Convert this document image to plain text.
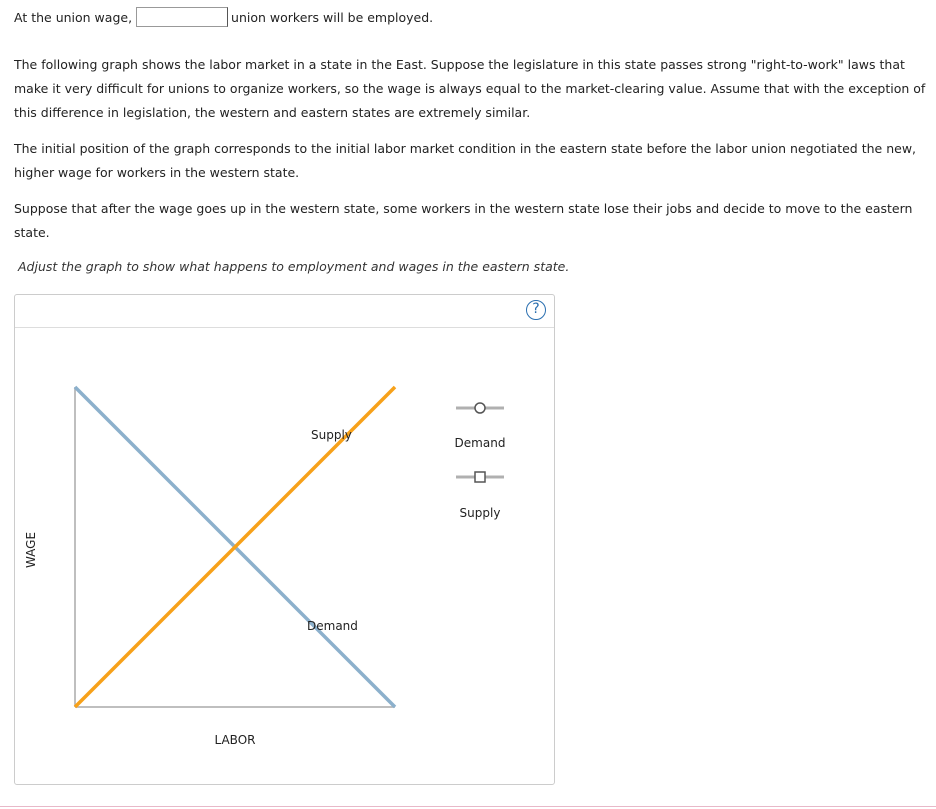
At the union wage,	union workers will be employed.
The following graph shows the labor market in a state in the East. Suppose the legislature in this state passes strong "right-to-work" laws that make it very difficult for unions to organize workers, so the wage is always equal to the market-clearing value. Assume that with the exception of this difference in legislation, the western and eastern states are extremely similar.
The initial position of the graph corresponds to the initial labor market condition in the eastern state before the labor union negotiated the new, higher wage for workers in the western state.
Suppose that after the wage goes up in the western state, some workers in the western state lose their jobs and decide to move to the eastern state.
Adjust the graph to show what happens to employment and wages in the eastern state.
?
Supply
Demand
WAGE
LABOR
Demand
Supply
